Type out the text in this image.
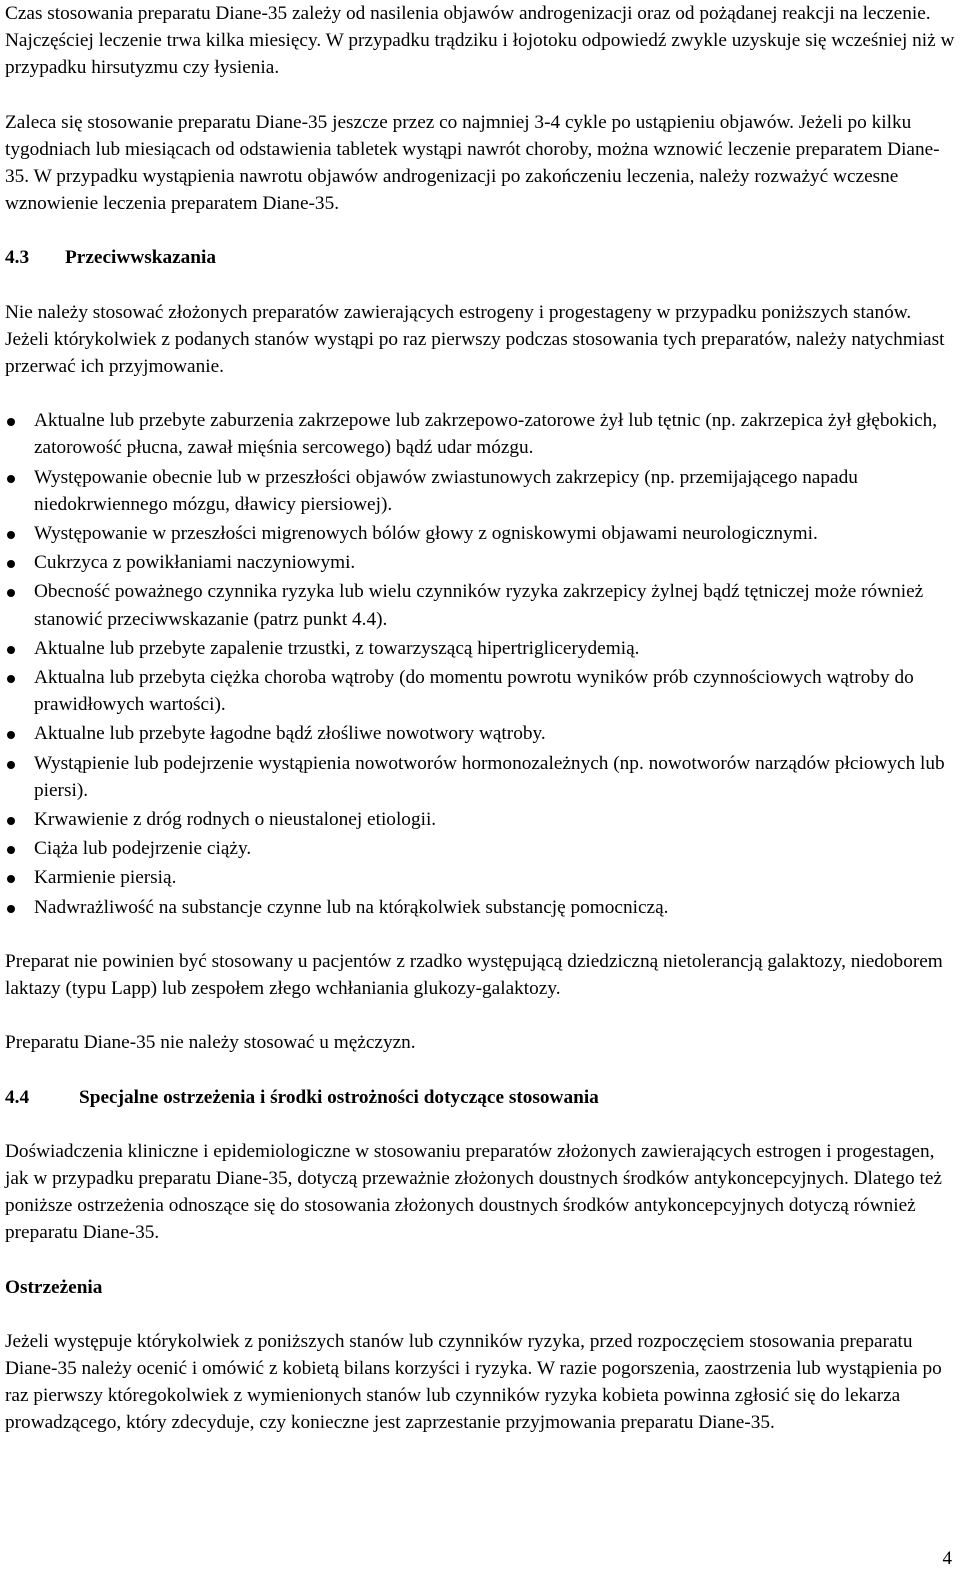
Czas stosowania preparatu Diane-35 zależy od nasilenia objawów androgenizacji oraz od pożądanej reakcji na leczenie. Najczęściej leczenie trwa kilka miesięcy. W przypadku trądziku i łojotoku odpowiedź zwykle uzyskuje się wcześniej niż w przypadku hirsutyzmu czy łysienia.

Zaleca się stosowanie preparatu Diane-35 jeszcze przez co najmniej 3-4 cykle po ustąpieniu objawów. Jeżeli po kilku tygodniach lub miesiącach od odstawienia tabletek wystąpi nawrót choroby, można wznowić leczenie preparatem Diane-35. W przypadku wystąpienia nawrotu objawów androgenizacji po zakończeniu leczenia, należy rozważyć wczesne wznowienie leczenia preparatem Diane-35.

4.3 Przeciwwskazania

Nie należy stosować złożonych preparatów zawierających estrogeny i progestageny w przypadku poniższych stanów. Jeżeli którykolwiek z podanych stanów wystąpi po raz pierwszy podczas stosowania tych preparatów, należy natychmiast przerwać ich przyjmowanie.

Aktualne lub przebyte zaburzenia zakrzepowe lub zakrzepowo-zatorowe żył lub tętnic (np. zakrzepica żył głębokich, zatorowość płucna, zawał mięśnia sercowego) bądź udar mózgu.
Występowanie obecnie lub w przeszłości objawów zwiastunowych zakrzepicy (np. przemijającego napadu niedokrwiennego mózgu, dławicy piersiowej).
Występowanie w przeszłości migrenowych bólów głowy z ogniskowymi objawami neurologicznymi.
Cukrzyca z powikłaniami naczyniowymi.
Obecność poważnego czynnika ryzyka lub wielu czynników ryzyka zakrzepicy żylnej bądź tętniczej może również stanowić przeciwwskazanie (patrz punkt 4.4).
Aktualne lub przebyte zapalenie trzustki, z towarzyszącą hipertriglicerydemią.
Aktualna lub przebyta ciężka choroba wątroby (do momentu powrotu wyników prób czynnościowych wątroby do prawidłowych wartości).
Aktualne lub przebyte łagodne bądź złośliwe nowotwory wątroby.
Wystąpienie lub podejrzenie wystąpienia nowotworów hormonozależnych (np. nowotworów narządów płciowych lub piersi).
Krwawienie z dróg rodnych o nieustalonej etiologii.
Ciąża lub podejrzenie ciąży.
Karmienie piersią.
Nadwrażliwość na substancje czynne lub na którąkolwiek substancję pomocniczą.

Preparat nie powinien być stosowany u pacjentów z rzadko występującą dziedziczną nietolerancją galaktozy, niedoborem laktazy (typu Lapp) lub zespołem złego wchłaniania glukozy-galaktozy.

Preparatu Diane-35 nie należy stosować u mężczyzn.

4.4	Specjalne ostrzeżenia i środki ostrożności dotyczące stosowania

Doświadczenia kliniczne i epidemiologiczne w stosowaniu preparatów złożonych zawierających estrogen i progestagen, jak w przypadku preparatu Diane-35, dotyczą przeważnie złożonych doustnych środków antykoncepcyjnych. Dlatego też poniższe ostrzeżenia odnoszące się do stosowania złożonych doustnych środków antykoncepcyjnych dotyczą również preparatu Diane-35.

Ostrzeżenia

Jeżeli występuje którykolwiek z poniższych stanów lub czynników ryzyka, przed rozpoczęciem stosowania preparatu Diane-35 należy ocenić i omówić z kobietą bilans korzyści i ryzyka. W razie pogorszenia, zaostrzenia lub wystąpienia po raz pierwszy któregokolwiek z wymienionych stanów lub czynników ryzyka kobieta powinna zgłosić się do lekarza prowadzącego, który zdecyduje, czy konieczne jest zaprzestanie przyjmowania preparatu Diane-35.

4
